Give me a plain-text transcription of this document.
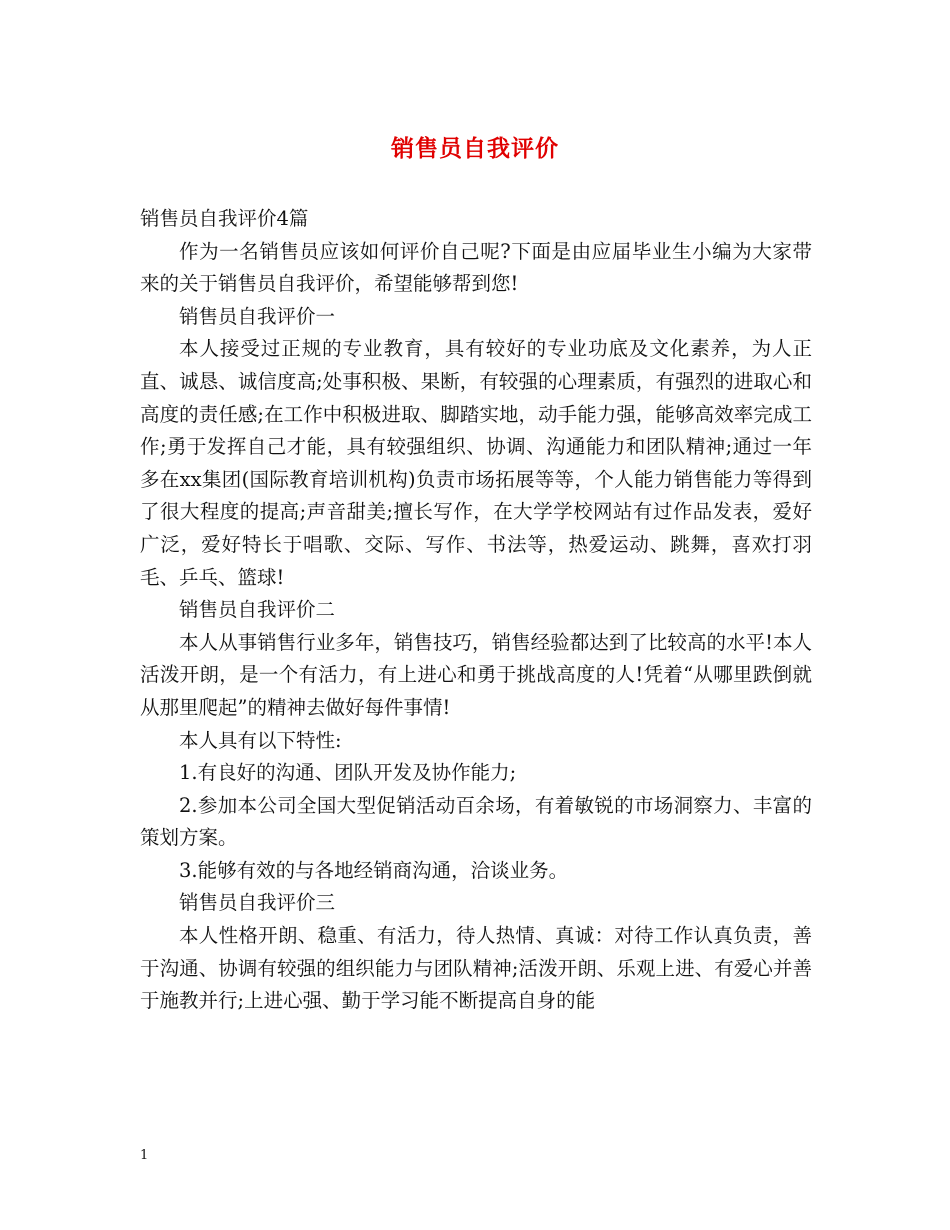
销售员自我评价

销售员自我评价4篇

作为一名销售员应该如何评价自己呢?下面是由应届毕业生小编为大家带来的关于销售员自我评价，希望能够帮到您!

销售员自我评价一

本人接受过正规的专业教育，具有较好的专业功底及文化素养，为人正直、诚恳、诚信度高;处事积极、果断，有较强的心理素质，有强烈的进取心和高度的责任感;在工作中积极进取、脚踏实地，动手能力强，能够高效率完成工作;勇于发挥自己才能，具有较强组织、协调、沟通能力和团队精神;通过一年多在xx集团(国际教育培训机构)负责市场拓展等等，个人能力销售能力等得到了很大程度的提高;声音甜美;擅长写作，在大学学校网站有过作品发表，爱好广泛，爱好特长于唱歌、交际、写作、书法等，热爱运动、跳舞，喜欢打羽毛、乒乓、篮球!

销售员自我评价二

本人从事销售行业多年，销售技巧，销售经验都达到了比较高的水平!本人活泼开朗，是一个有活力，有上进心和勇于挑战高度的人!凭着“从哪里跌倒就从那里爬起”的精神去做好每件事情!

本人具有以下特性:

1.有良好的沟通、团队开发及协作能力;

2.参加本公司全国大型促销活动百余场，有着敏锐的市场洞察力、丰富的策划方案。

3.能够有效的与各地经销商沟通，洽谈业务。

销售员自我评价三

本人性格开朗、稳重、有活力，待人热情、真诚：对待工作认真负责，善于沟通、协调有较强的组织能力与团队精神;活泼开朗、乐观上进、有爱心并善于施教并行;上进心强、勤于学习能不断提高自身的能

1
